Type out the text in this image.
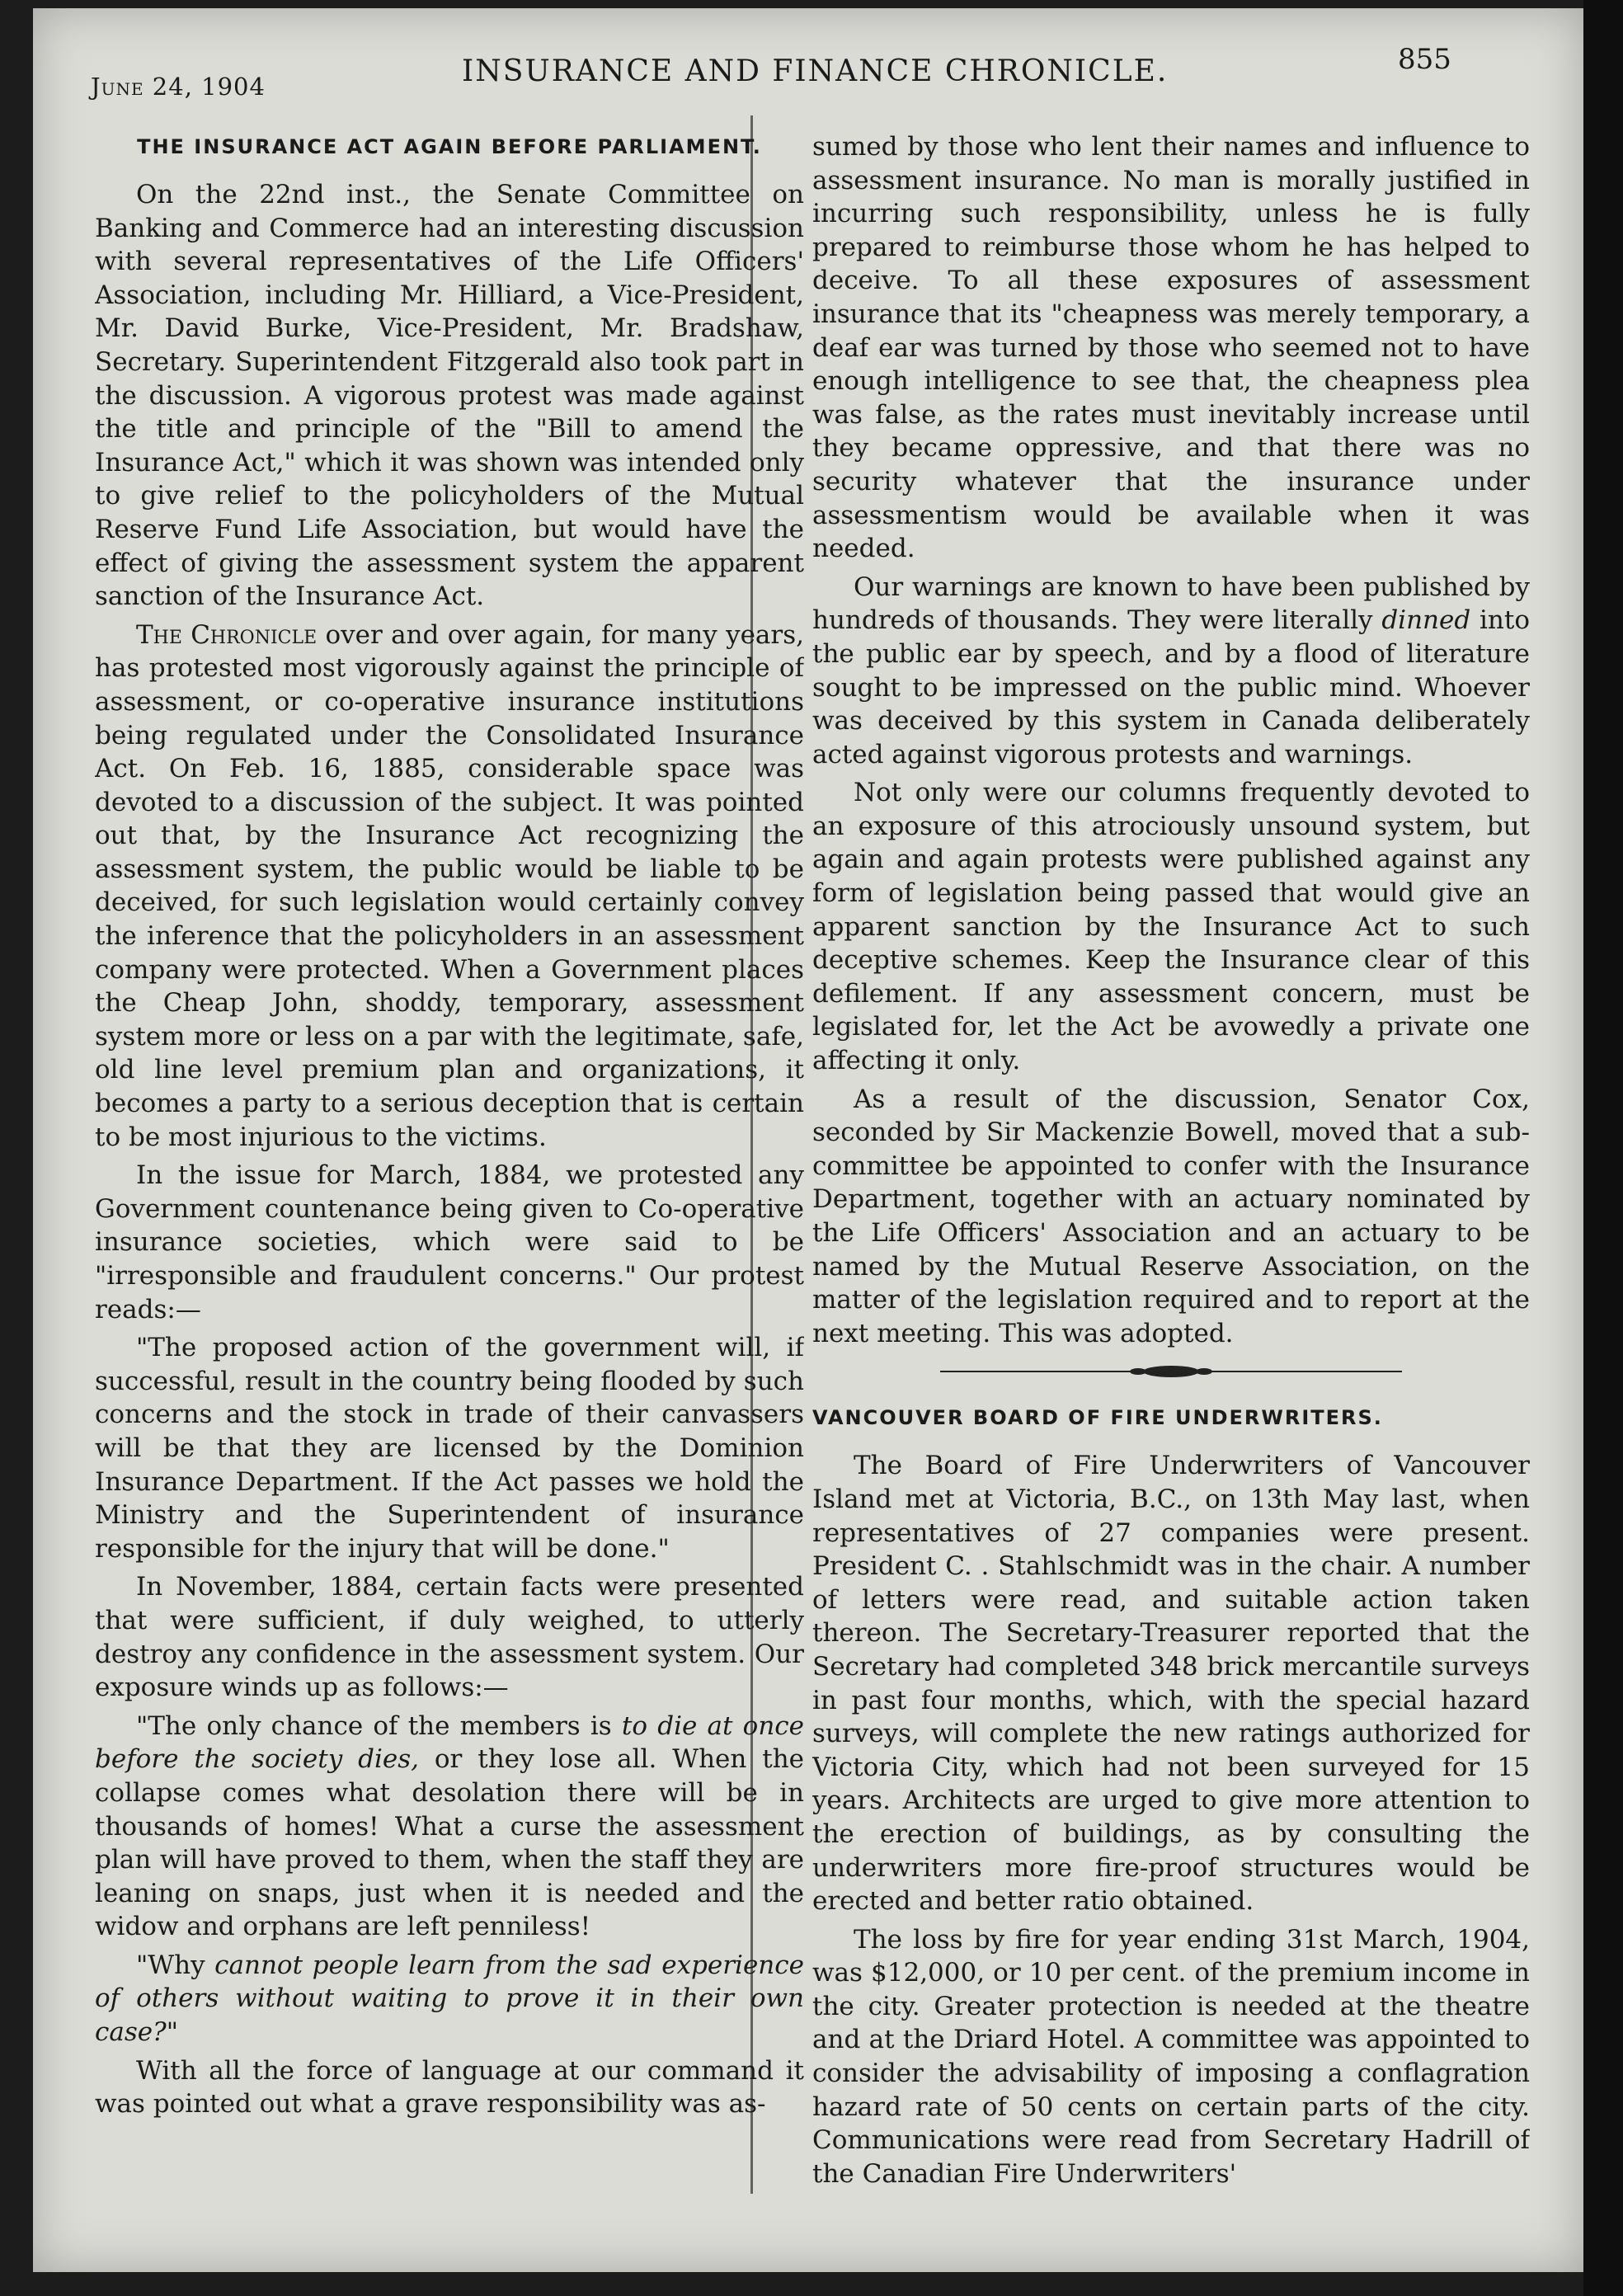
June 24, 1904	INSURANCE AND FINANCE CHRONICLE.	855
THE INSURANCE ACT AGAIN BEFORE PARLIAMENT.

On the 22nd inst., the Senate Committee on Banking and Commerce had an interesting discussion with several representatives of the Life Officers' Association, including Mr. Hilliard, a Vice-President, Mr. David Burke, Vice-President, Mr. Bradshaw, Secretary. Superintendent Fitzgerald also took part in the discussion. A vigorous protest was made against the title and principle of the "Bill to amend the Insurance Act," which it was shown was intended only to give relief to the policyholders of the Mutual Reserve Fund Life Association, but would have the effect of giving the assessment system the apparent sanction of the Insurance Act.

The Chronicle over and over again, for many years, has protested most vigorously against the principle of assessment, or co-operative insurance institutions being regulated under the Consolidated Insurance Act. On Feb. 16, 1885, considerable space was devoted to a discussion of the subject. It was pointed out that, by the Insurance Act recognizing the assessment system, the public would be liable to be deceived, for such legislation would certainly convey the inference that the policyholders in an assessment company were protected. When a Government places the Cheap John, shoddy, temporary, assessment system more or less on a par with the legitimate, safe, old line level premium plan and organizations, it becomes a party to a serious deception that is certain to be most injurious to the victims.

In the issue for March, 1884, we protested any Government countenance being given to Co-operative insurance societies, which were said to be "irresponsible and fraudulent concerns." Our protest reads:—

"The proposed action of the government will, if successful, result in the country being flooded by such concerns and the stock in trade of their canvassers will be that they are licensed by the Dominion Insurance Department. If the Act passes we hold the Ministry and the Superintendent of insurance responsible for the injury that will be done."

In November, 1884, certain facts were presented that were sufficient, if duly weighed, to utterly destroy any confidence in the assessment system. Our exposure winds up as follows:—

"The only chance of the members is to die at once before the society dies, or they lose all. When the collapse comes what desolation there will be in thousands of homes! What a curse the assessment plan will have proved to them, when the staff they are leaning on snaps, just when it is needed and the widow and orphans are left penniless!

"Why cannot people learn from the sad experience of others without waiting to prove it in their own case?"

With all the force of language at our command it was pointed out what a grave responsibility was as-

sumed by those who lent their names and influence to assessment insurance. No man is morally justified in incurring such responsibility, unless he is fully prepared to reimburse those whom he has helped to deceive. To all these exposures of assessment insurance that its "cheapness was merely temporary, a deaf ear was turned by those who seemed not to have enough intelligence to see that, the cheapness plea was false, as the rates must inevitably increase until they became oppressive, and that there was no security whatever that the insurance under assessmentism would be available when it was needed.

Our warnings are known to have been published by hundreds of thousands. They were literally dinned into the public ear by speech, and by a flood of literature sought to be impressed on the public mind. Whoever was deceived by this system in Canada deliberately acted against vigorous protests and warnings.

Not only were our columns frequently devoted to an exposure of this atrociously unsound system, but again and again protests were published against any form of legislation being passed that would give an apparent sanction by the Insurance Act to such deceptive schemes. Keep the Insurance clear of this defilement. If any assessment concern, must be legislated for, let the Act be avowedly a private one affecting it only.

As a result of the discussion, Senator Cox, seconded by Sir Mackenzie Bowell, moved that a sub-committee be appointed to confer with the Insurance Department, together with an actuary nominated by the Life Officers' Association and an actuary to be named by the Mutual Reserve Association, on the matter of the legislation required and to report at the next meeting. This was adopted.

VANCOUVER BOARD OF FIRE UNDERWRITERS.

The Board of Fire Underwriters of Vancouver Island met at Victoria, B.C., on 13th May last, when representatives of 27 companies were present. President C. . Stahlschmidt was in the chair. A number of letters were read, and suitable action taken thereon. The Secretary-Treasurer reported that the Secretary had completed 348 brick mercantile surveys in past four months, which, with the special hazard surveys, will complete the new ratings authorized for Victoria City, which had not been surveyed for 15 years. Architects are urged to give more attention to the erection of buildings, as by consulting the underwriters more fire-proof structures would be erected and better ratio obtained.

The loss by fire for year ending 31st March, 1904, was $12,000, or 10 per cent. of the premium income in the city. Greater protection is needed at the theatre and at the Driard Hotel. A committee was appointed to consider the advisability of imposing a conflagration hazard rate of 50 cents on certain parts of the city. Communications were read from Secretary Hadrill of the Canadian Fire Underwriters'
